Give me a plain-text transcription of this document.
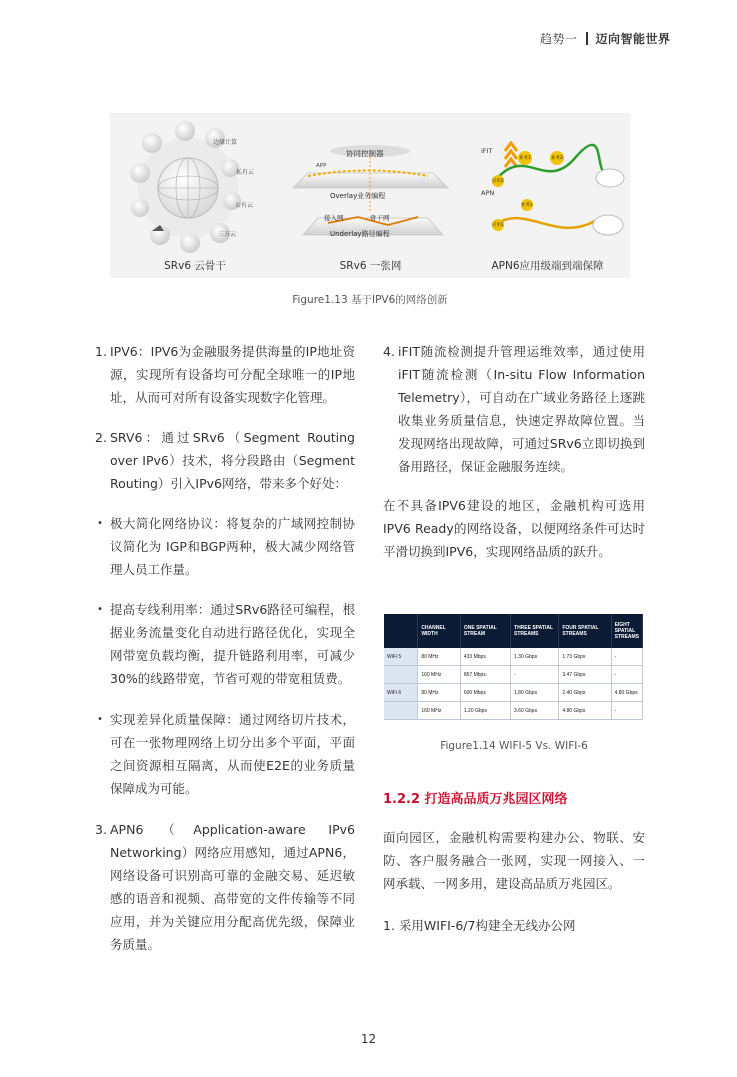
趋势一 迈向智能世界
边缘计算
私有云
公有云
三方云
SRv6 云骨干
协同控制器
APP
Overlay业务编程
接入网	骨干网
Underlay路径编程
SRv6 一张网
iFIT
APN
业务1	业务2
应用2
业务1
应用1
APN6应用级端到端保障
Figure1.13 基于IPV6的网络创新
1. IPV6：IPV6为金融服务提供海量的IP地址资源，实现所有设备均可分配全球唯一的IP地址，从而可对所有设备实现数字化管理。
2. SRV6：通过SRv6（Segment Routing over IPv6）技术，将分段路由（Segment Routing）引入IPv6网络，带来多个好处：
• 极大简化网络协议：将复杂的广域网控制协议简化为 IGP和BGP两种，极大减少网络管理人员工作量。
• 提高专线利用率：通过SRv6路径可编程，根据业务流量变化自动进行路径优化，实现全网带宽负载均衡，提升链路利用率，可减少30%的线路带宽，节省可观的带宽租赁费。
• 实现差异化质量保障：通过网络切片技术，可在一张物理网络上切分出多个平面，平面之间资源相互隔离，从而使E2E的业务质量保障成为可能。
3. APN6（Application-aware IPv6 Networking）网络应用感知，通过APN6，网络设备可识别高可靠的金融交易、延迟敏感的语音和视频、高带宽的文件传输等不同应用，并为关键应用分配高优先级，保障业务质量。
4. iFIT随流检测提升管理运维效率，通过使用iFIT随流检测（In-situ Flow Information Telemetry），可自动在广域业务路径上逐跳收集业务质量信息，快速定界故障位置。当发现网络出现故障，可通过SRv6立即切换到备用路径，保证金融服务连续。
在不具备IPV6建设的地区，金融机构可选用IPV6 Ready的网络设备，以便网络条件可达时平滑切换到IPV6，实现网络品质的跃升。
	CHANNEL WIDTH	ONE SPATIAL STREAM	THREE SPATIAL STREAMS	FOUR SPATIAL STREAMS	EIGHT SPATIAL STREAMS
WiFi 5	80 MHz	433 Mbps	1.30 Gbps	1.73 Gbps	-
	160 MHz	867 Mbps	-	3.47 Gbps	-
WiFi 6	80 MHz	600 Mbps	1.80 Gbps	2.40 Gbps	4.80 Gbps
	160 MHz	1.20 Gbps	3.60 Gbps	4.80 Gbps	-
Figure1.14 WIFI-5 Vs. WIFI-6
1.2.2 打造高品质万兆园区网络
面向园区，金融机构需要构建办公、物联、安防、客户服务融合一张网，实现一网接入、一网承载、一网多用，建设高品质万兆园区。
1. 采用WIFI-6/7构建全无线办公网
12
